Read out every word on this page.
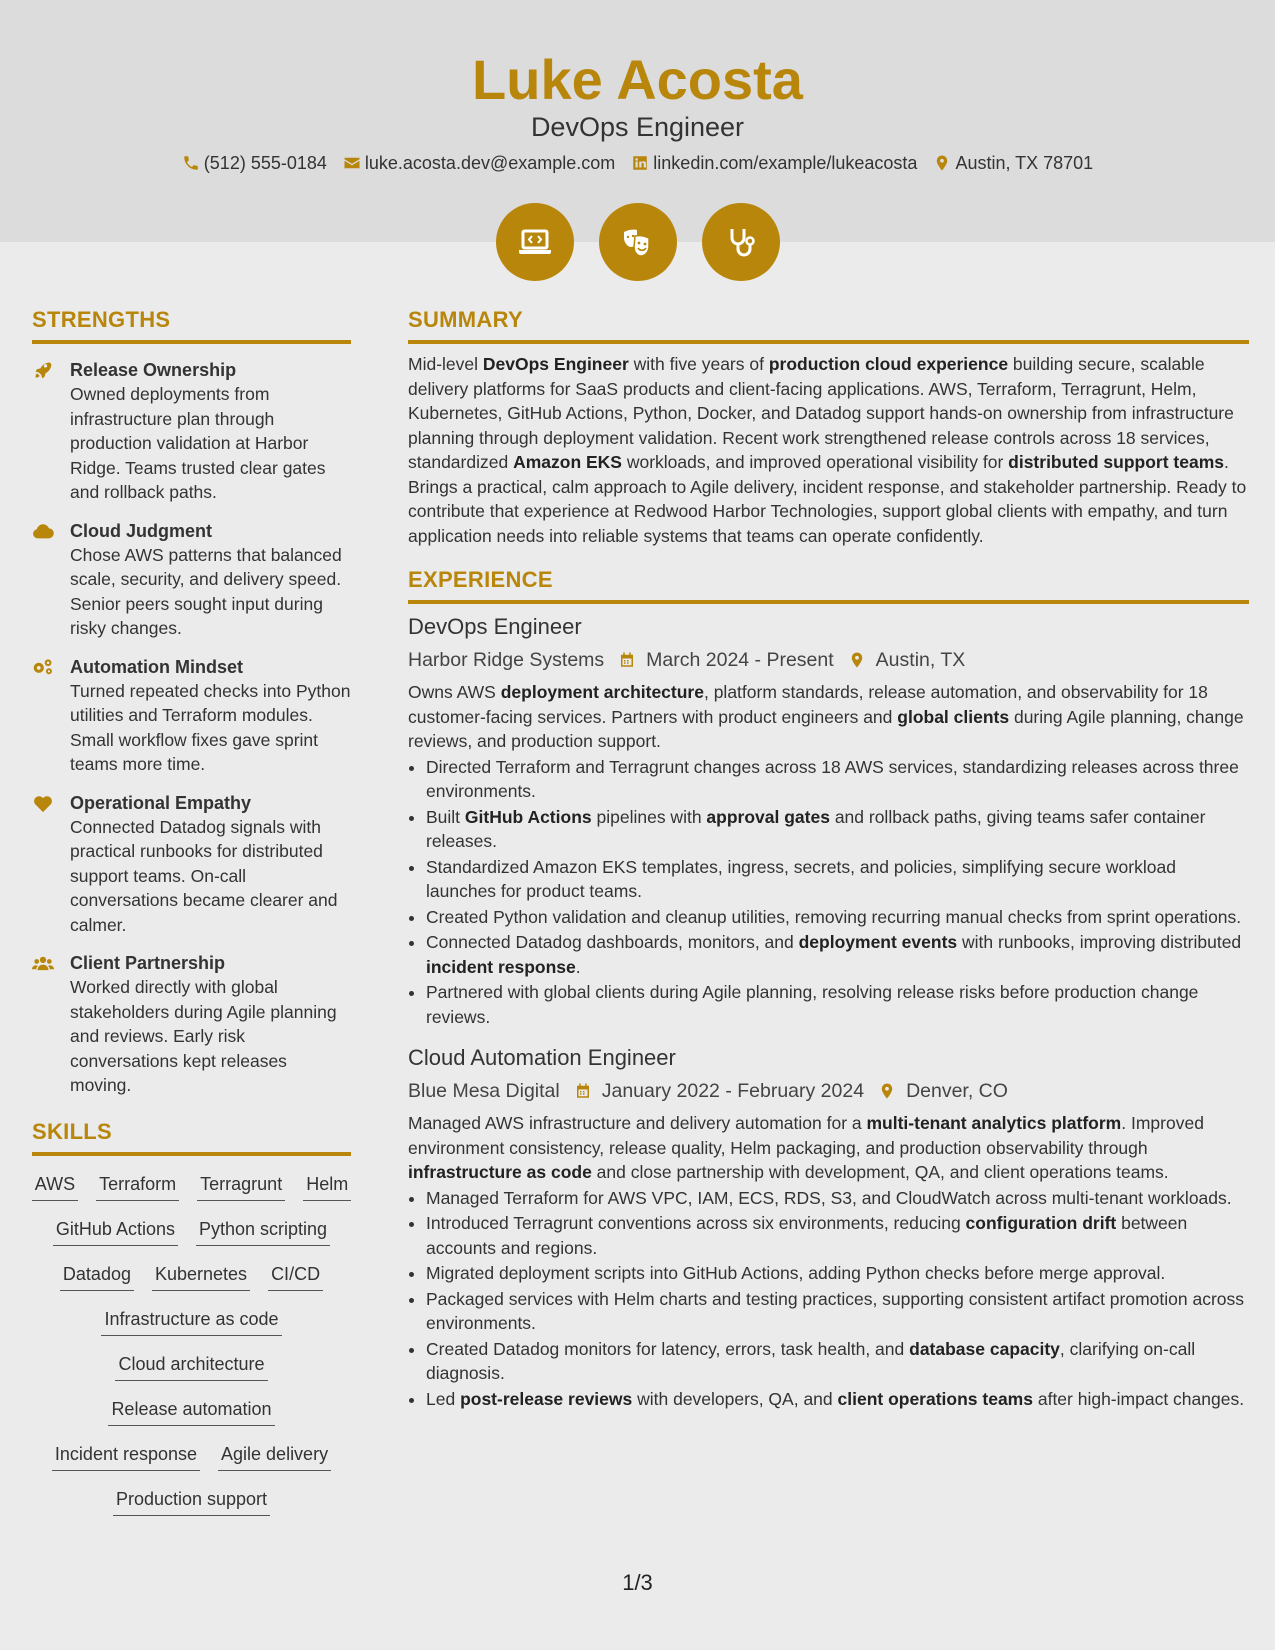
Luke Acosta
DevOps Engineer
(512) 555-0184 luke.acosta.dev@example.com linkedin.com/example/lukeacosta Austin, TX 78701
STRENGTHS
Release Ownership
Owned deployments from infrastructure plan through production validation at Harbor Ridge. Teams trusted clear gates and rollback paths.
Cloud Judgment
Chose AWS patterns that balanced scale, security, and delivery speed. Senior peers sought input during risky changes.
Automation Mindset
Turned repeated checks into Python utilities and Terraform modules. Small workflow fixes gave sprint teams more time.
Operational Empathy
Connected Datadog signals with practical runbooks for distributed support teams. On-call conversations became clearer and calmer.
Client Partnership
Worked directly with global stakeholders during Agile planning and reviews. Early risk conversations kept releases moving.
SKILLS
AWS Terraform Terragrunt Helm
GitHub Actions Python scripting
Datadog Kubernetes CI/CD
Infrastructure as code
Cloud architecture
Release automation
Incident response Agile delivery
Production support
SUMMARY
Mid-level DevOps Engineer with five years of production cloud experience building secure, scalable delivery platforms for SaaS products and client-facing applications. AWS, Terraform, Terragrunt, Helm, Kubernetes, GitHub Actions, Python, Docker, and Datadog support hands-on ownership from infrastructure planning through deployment validation. Recent work strengthened release controls across 18 services, standardized Amazon EKS workloads, and improved operational visibility for distributed support teams. Brings a practical, calm approach to Agile delivery, incident response, and stakeholder partnership. Ready to contribute that experience at Redwood Harbor Technologies, support global clients with empathy, and turn application needs into reliable systems that teams can operate confidently.
EXPERIENCE
DevOps Engineer
Harbor Ridge Systems March 2024 - Present Austin, TX
Owns AWS deployment architecture, platform standards, release automation, and observability for 18 customer-facing services. Partners with product engineers and global clients during Agile planning, change reviews, and production support.
• Directed Terraform and Terragrunt changes across 18 AWS services, standardizing releases across three environments.
• Built GitHub Actions pipelines with approval gates and rollback paths, giving teams safer container releases.
• Standardized Amazon EKS templates, ingress, secrets, and policies, simplifying secure workload launches for product teams.
• Created Python validation and cleanup utilities, removing recurring manual checks from sprint operations.
• Connected Datadog dashboards, monitors, and deployment events with runbooks, improving distributed incident response.
• Partnered with global clients during Agile planning, resolving release risks before production change reviews.
Cloud Automation Engineer
Blue Mesa Digital January 2022 - February 2024 Denver, CO
Managed AWS infrastructure and delivery automation for a multi-tenant analytics platform. Improved environment consistency, release quality, Helm packaging, and production observability through infrastructure as code and close partnership with development, QA, and client operations teams.
• Managed Terraform for AWS VPC, IAM, ECS, RDS, S3, and CloudWatch across multi-tenant workloads.
• Introduced Terragrunt conventions across six environments, reducing configuration drift between accounts and regions.
• Migrated deployment scripts into GitHub Actions, adding Python checks before merge approval.
• Packaged services with Helm charts and testing practices, supporting consistent artifact promotion across environments.
• Created Datadog monitors for latency, errors, task health, and database capacity, clarifying on-call diagnosis.
• Led post-release reviews with developers, QA, and client operations teams after high-impact changes.
1/3
